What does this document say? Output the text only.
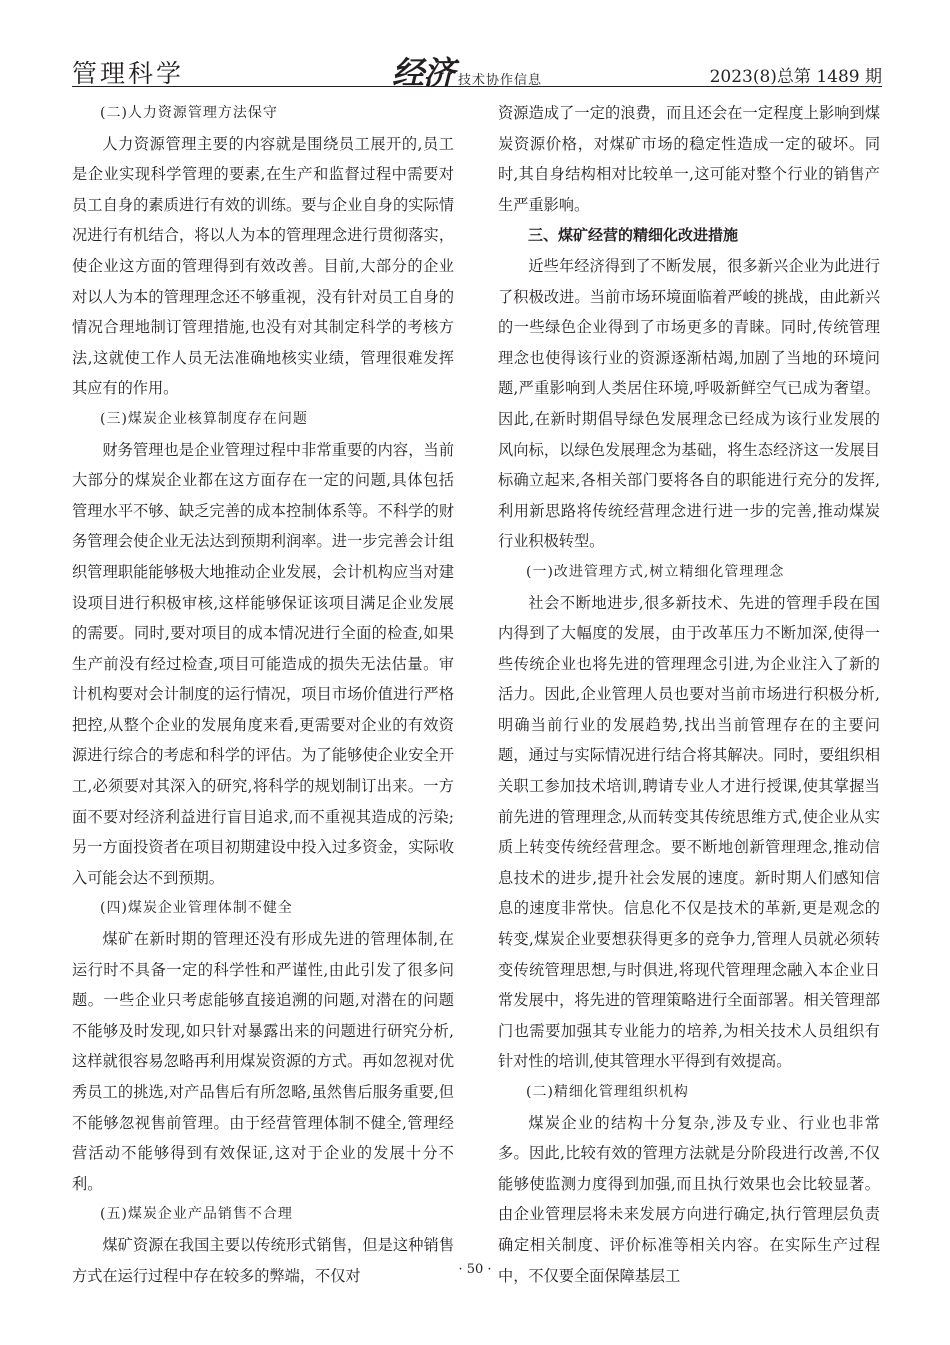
管理科学	经济 技术协作信息	2023(8)总第 1489 期
(二)人力资源管理方法保守

人力资源管理主要的内容就是围绕员工展开的,员工是企业实现科学管理的要素,在生产和监督过程中需要对员工自身的素质进行有效的训练。要与企业自身的实际情况进行有机结合，将以人为本的管理理念进行贯彻落实，使企业这方面的管理得到有效改善。目前,大部分的企业对以人为本的管理理念还不够重视，没有针对员工自身的情况合理地制订管理措施,也没有对其制定科学的考核方法,这就使工作人员无法准确地核实业绩，管理很难发挥其应有的作用。

(三)煤炭企业核算制度存在问题

财务管理也是企业管理过程中非常重要的内容，当前大部分的煤炭企业都在这方面存在一定的问题,具体包括管理水平不够、缺乏完善的成本控制体系等。不科学的财务管理会使企业无法达到预期利润率。进一步完善会计组织管理职能能够极大地推动企业发展，会计机构应当对建设项目进行积极审核,这样能够保证该项目满足企业发展的需要。同时,要对项目的成本情况进行全面的检查,如果生产前没有经过检查,项目可能造成的损失无法估量。审计机构要对会计制度的运行情况，项目市场价值进行严格把控,从整个企业的发展角度来看,更需要对企业的有效资源进行综合的考虑和科学的评估。为了能够使企业安全开工,必须要对其深入的研究,将科学的规划制订出来。一方面不要对经济利益进行盲目追求,而不重视其造成的污染;另一方面投资者在项目初期建设中投入过多资金，实际收入可能会达不到预期。

(四)煤炭企业管理体制不健全

煤矿在新时期的管理还没有形成先进的管理体制,在运行时不具备一定的科学性和严谨性,由此引发了很多问题。一些企业只考虑能够直接追溯的问题,对潜在的问题不能够及时发现,如只针对暴露出来的问题进行研究分析,这样就很容易忽略再利用煤炭资源的方式。再如忽视对优秀员工的挑选,对产品售后有所忽略,虽然售后服务重要,但不能够忽视售前管理。由于经营管理体制不健全,管理经营活动不能够得到有效保证,这对于企业的发展十分不利。

(五)煤炭企业产品销售不合理

煤矿资源在我国主要以传统形式销售，但是这种销售方式在运行过程中存在较多的弊端，不仅对

资源造成了一定的浪费，而且还会在一定程度上影响到煤炭资源价格，对煤矿市场的稳定性造成一定的破坏。同时,其自身结构相对比较单一,这可能对整个行业的销售产生严重影响。

三、煤矿经营的精细化改进措施

近些年经济得到了不断发展，很多新兴企业为此进行了积极改进。当前市场环境面临着严峻的挑战，由此新兴的一些绿色企业得到了市场更多的青睐。同时,传统管理理念也使得该行业的资源逐渐枯竭,加剧了当地的环境问题,严重影响到人类居住环境,呼吸新鲜空气已成为奢望。因此,在新时期倡导绿色发展理念已经成为该行业发展的风向标，以绿色发展理念为基础，将生态经济这一发展目标确立起来,各相关部门要将各自的职能进行充分的发挥,利用新思路将传统经营理念进行进一步的完善,推动煤炭行业积极转型。

(一)改进管理方式,树立精细化管理理念

社会不断地进步,很多新技术、先进的管理手段在国内得到了大幅度的发展，由于改革压力不断加深,使得一些传统企业也将先进的管理理念引进,为企业注入了新的活力。因此,企业管理人员也要对当前市场进行积极分析,明确当前行业的发展趋势,找出当前管理存在的主要问题，通过与实际情况进行结合将其解决。同时，要组织相关职工参加技术培训,聘请专业人才进行授课,使其掌握当前先进的管理理念,从而转变其传统思维方式,使企业从实质上转变传统经营理念。要不断地创新管理理念,推动信息技术的进步,提升社会发展的速度。新时期人们感知信息的速度非常快。信息化不仅是技术的革新,更是观念的转变,煤炭企业要想获得更多的竞争力,管理人员就必须转变传统管理思想,与时俱进,将现代管理理念融入本企业日常发展中，将先进的管理策略进行全面部署。相关管理部门也需要加强其专业能力的培养,为相关技术人员组织有针对性的培训,使其管理水平得到有效提高。

(二)精细化管理组织机构

煤炭企业的结构十分复杂,涉及专业、行业也非常多。因此,比较有效的管理方法就是分阶段进行改善,不仅能够使监测力度得到加强,而且执行效果也会比较显著。由企业管理层将未来发展方向进行确定,执行管理层负责确定相关制度、评价标准等相关内容。在实际生产过程中，不仅要全面保障基层工

· 50 ·
